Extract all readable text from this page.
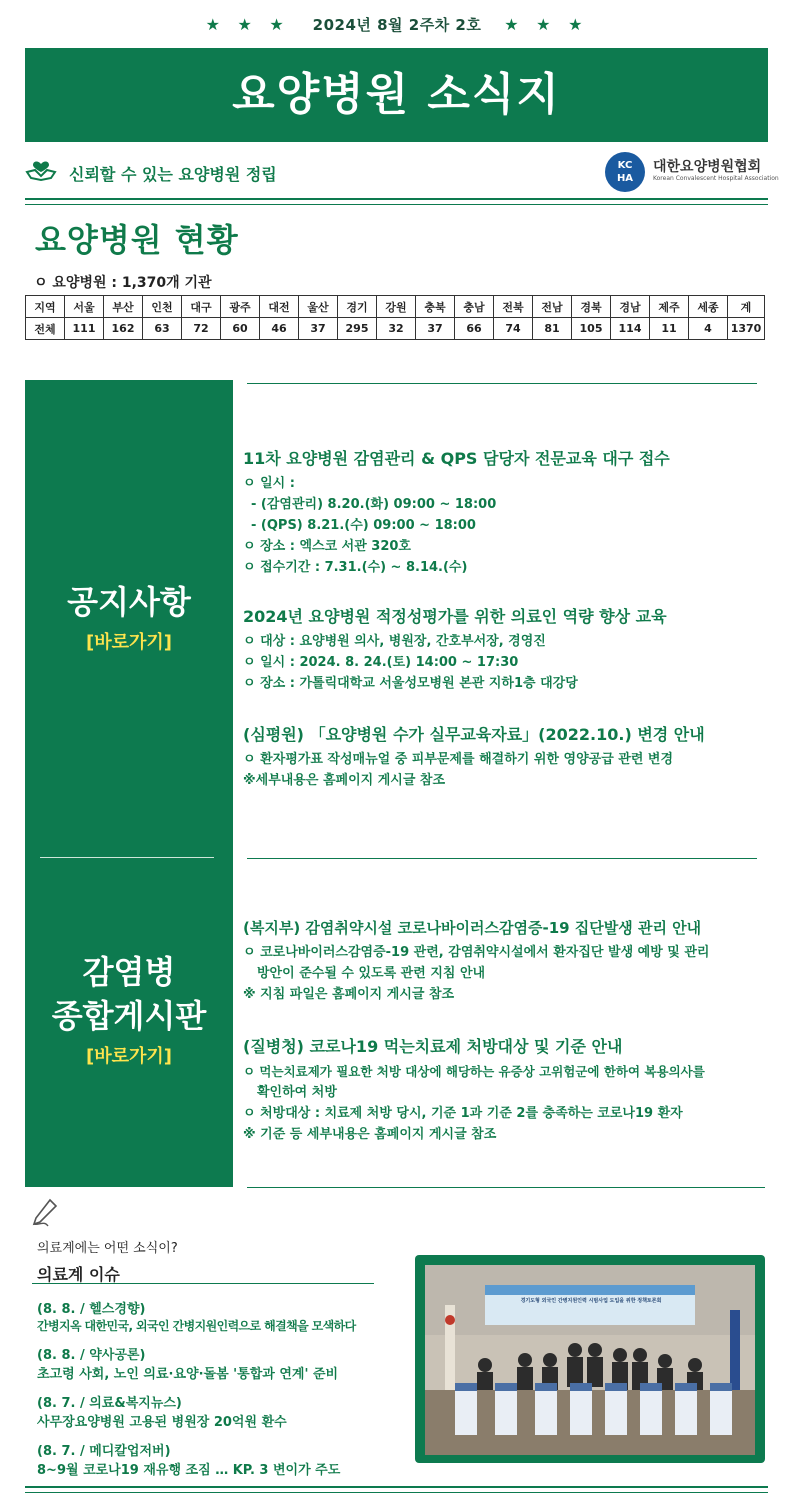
★ ★ ★ 2024년 8월 2주차 2호 ★ ★ ★
요양병원 소식지
신뢰할 수 있는 요양병원 정립	KC
HA
대한요양병원협회
Korean Convalescent Hospital Association
요양병원 현황
ㅇ 요양병원 : 1,370개 기관
지역	서울	부산	인천	대구	광주	대전	울산	경기	강원	충북	충남	전북	전남	경북	경남	제주	세종	계
전체	111	162	63	72	60	46	37	295	32	37	66	74	81	105	114	11	4	1370
공지사항
[바로가기]
감염병
종합게시판
[바로가기]
11차 요양병원 감염관리 & QPS 담당자 전문교육 대구 접수
ㅇ 일시 :
- (감염관리) 8.20.(화) 09:00 ~ 18:00
- (QPS) 8.21.(수) 09:00 ~ 18:00
ㅇ 장소 : 엑스코 서관 320호
ㅇ 접수기간 : 7.31.(수) ~ 8.14.(수)
2024년 요양병원 적정성평가를 위한 의료인 역량 향상 교육
ㅇ 대상 : 요양병원 의사, 병원장, 간호부서장, 경영진
ㅇ 일시 : 2024. 8. 24.(토) 14:00 ~ 17:30
ㅇ 장소 : 가톨릭대학교 서울성모병원 본관 지하1층 대강당
(심평원) 「요양병원 수가 실무교육자료」(2022.10.) 변경 안내
ㅇ 환자평가표 작성매뉴얼 중 피부문제를 해결하기 위한 영양공급 관련 변경
※세부내용은 홈페이지 게시글 참조
(복지부) 감염취약시설 코로나바이러스감염증-19 집단발생 관리 안내
ㅇ 코로나바이러스감염증-19 관련, 감염취약시설에서 환자집단 발생 예방 및 관리
방안이 준수될 수 있도록 관련 지침 안내
※ 지침 파일은 홈페이지 게시글 참조
(질병청) 코로나19 먹는치료제 처방대상 및 기준 안내
ㅇ 먹는치료제가 필요한 처방 대상에 해당하는 유증상 고위험군에 한하여 복용의사를
확인하여 처방
ㅇ 처방대상 : 치료제 처방 당시, 기준 1과 기준 2를 충족하는 코로나19 환자
※ 기준 등 세부내용은 홈페이지 게시글 참조
의료계에는 어떤 소식이?
의료계 이슈
(8. 8. / 헬스경향)
간병지옥 대한민국, 외국인 간병지원인력으로 해결책을 모색하다
(8. 8. / 약사공론)
초고령 사회, 노인 의료·요양·돌봄 '통합과 연계' 준비
(8. 7. / 의료&복지뉴스)
사무장요양병원 고용된 병원장 20억원 환수
(8. 7. / 메디칼업저버)
8~9월 코로나19 재유행 조짐 … KP. 3 변이가 주도
경기도형 외국인 간병지원인력 시범사업 도입을 위한 정책토론회
